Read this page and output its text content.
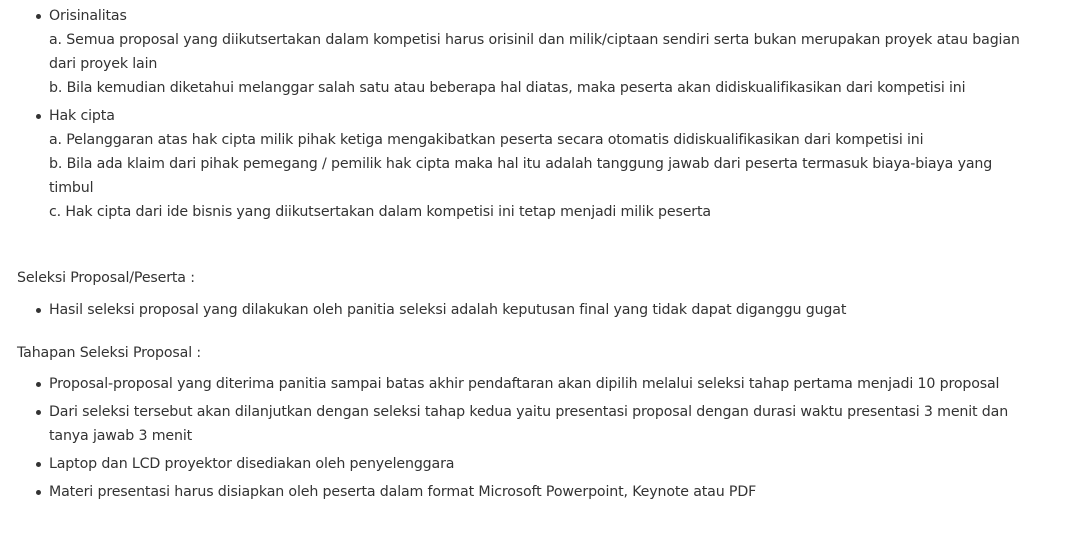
Orisinalitas
a. Semua proposal yang diikutsertakan dalam kompetisi harus orisinil dan milik/ciptaan sendiri serta bukan merupakan proyek atau bagian dari proyek lain
b. Bila kemudian diketahui melanggar salah satu atau beberapa hal diatas, maka peserta akan didiskualifikasikan dari kompetisi ini
Hak cipta
a. Pelanggaran atas hak cipta milik pihak ketiga mengakibatkan peserta secara otomatis didiskualifikasikan dari kompetisi ini
b. Bila ada klaim dari pihak pemegang / pemilik hak cipta maka hal itu adalah tanggung jawab dari peserta termasuk biaya-biaya yang timbul
c. Hak cipta dari ide bisnis yang diikutsertakan dalam kompetisi ini tetap menjadi milik peserta
Seleksi Proposal/Peserta :
Hasil seleksi proposal yang dilakukan oleh panitia seleksi adalah keputusan final yang tidak dapat diganggu gugat
Tahapan Seleksi Proposal :
Proposal-proposal yang diterima panitia sampai batas akhir pendaftaran akan dipilih melalui seleksi tahap pertama menjadi 10 proposal
Dari seleksi tersebut akan dilanjutkan dengan seleksi tahap kedua yaitu presentasi proposal dengan durasi waktu presentasi 3 menit dan tanya jawab 3 menit
Laptop dan LCD proyektor disediakan oleh penyelenggara
Materi presentasi harus disiapkan oleh peserta dalam format Microsoft Powerpoint, Keynote atau PDF
